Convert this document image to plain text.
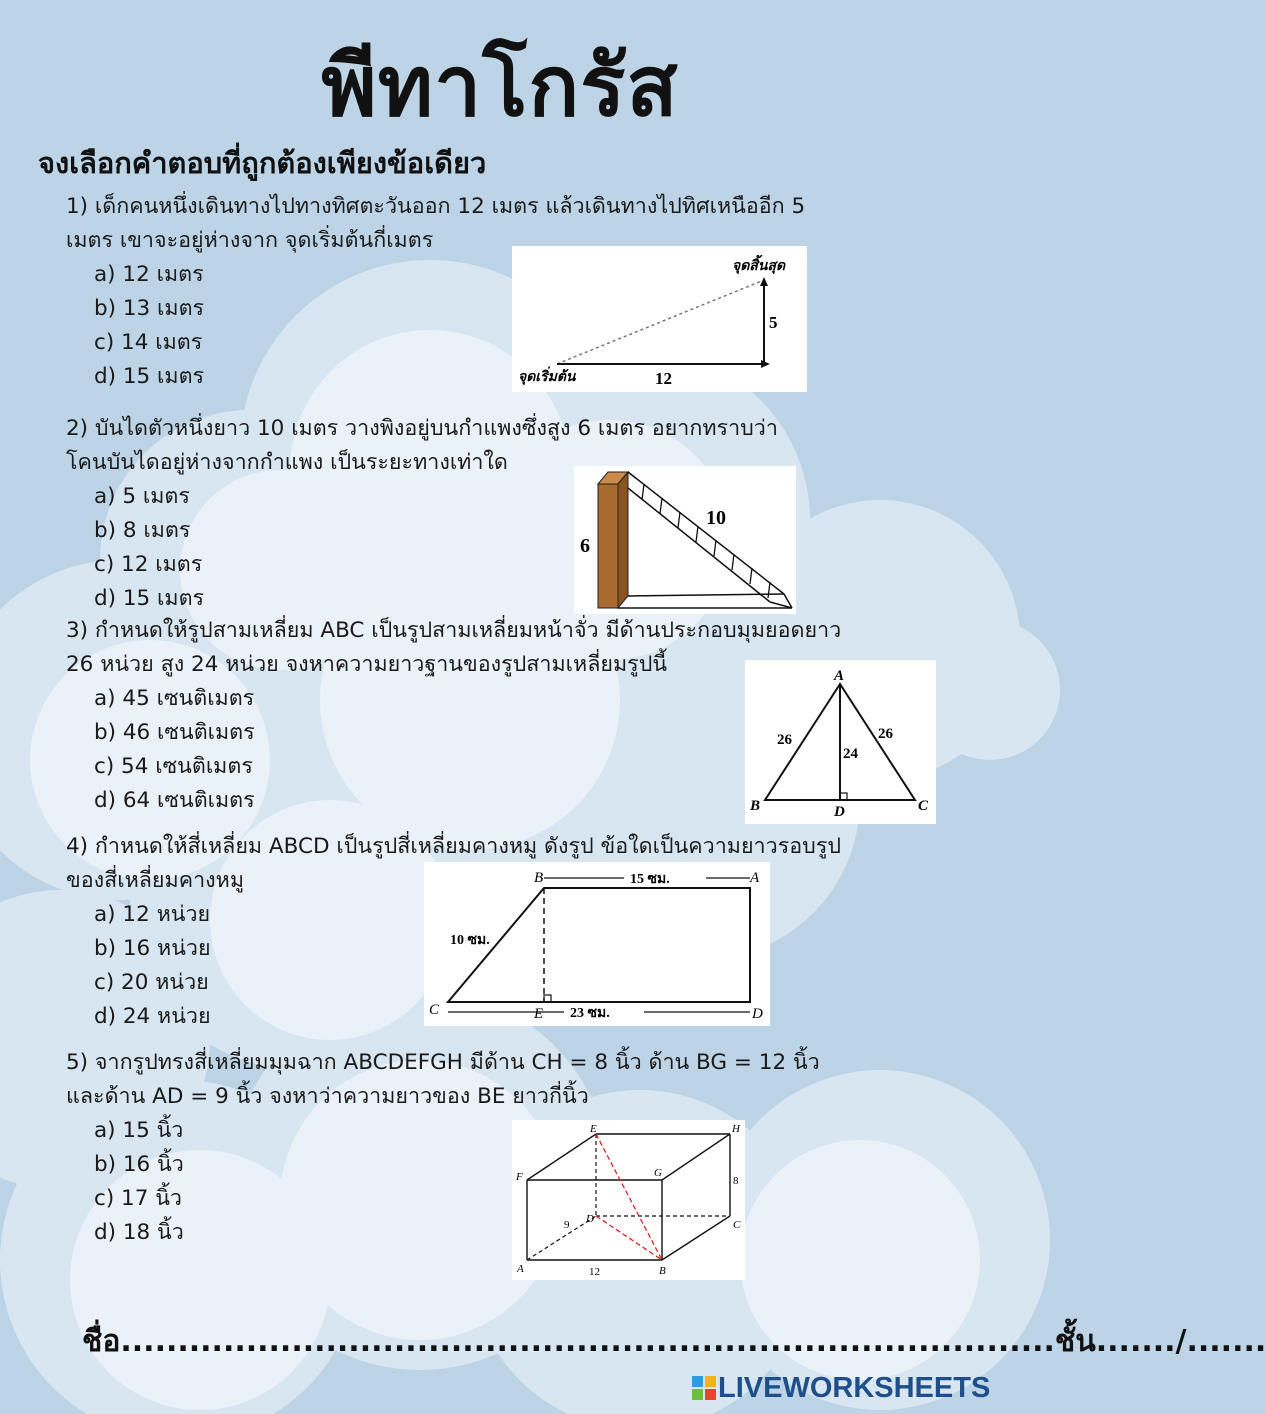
พีทาโกรัส
จงเลือกคำตอบที่ถูกต้องเพียงข้อเดียว
1) เด็กคนหนึ่งเดินทางไปทางทิศตะวันออก 12 เมตร แล้วเดินทางไปทิศเหนืออีก 5
เมตร เขาจะอยู่ห่างจาก จุดเริ่มต้นกี่เมตร
a) 12 เมตร
b) 13 เมตร
c) 14 เมตร
d) 15 เมตร
จุดสิ้นสุด
จุดเริ่มต้น	12
5
2) บันไดตัวหนึ่งยาว 10 เมตร วางพิงอยู่บนกำแพงซึ่งสูง 6 เมตร อยากทราบว่า
โคนบันไดอยู่ห่างจากกำแพง เป็นระยะทางเท่าใด
a) 5 เมตร
b) 8 เมตร
c) 12 เมตร
d) 15 เมตร
10
6
3) กำหนดให้รูปสามเหลี่ยม ABC เป็นรูปสามเหลี่ยมหน้าจั่ว มีด้านประกอบมุมยอดยาว
26 หน่วย สูง 24 หน่วย จงหาความยาวฐานของรูปสามเหลี่ยมรูปนี้
a) 45 เซนติเมตร
b) 46 เซนติเมตร
c) 54 เซนติเมตร
d) 64 เซนติเมตร
A
B	C
D
26	26
24
4) กำหนดให้สี่เหลี่ยม ABCD เป็นรูปสี่เหลี่ยมคางหมู ดังรูป ข้อใดเป็นความยาวรอบรูป
ของสี่เหลี่ยมคางหมู
a) 12 หน่วย
b) 16 หน่วย
c) 20 หน่วย
d) 24 หน่วย
B	A
C	E	D
15 ซม.
10 ซม.
23 ซม.
5) จากรูปทรงสี่เหลี่ยมมุมฉาก ABCDEFGH มีด้าน CH = 8 นิ้ว ด้าน BG = 12 นิ้ว
และด้าน AD = 9 นิ้ว จงหาว่าความยาวของ BE ยาวกี่นิ้ว
a) 15 นิ้ว
b) 16 นิ้ว
c) 17 นิ้ว
d) 18 นิ้ว
A	B
C
D
E
F	G
H
9
12
8
ชื่อ..................................................................................ชั้น......./.......
LIVEWORKSHEETS
